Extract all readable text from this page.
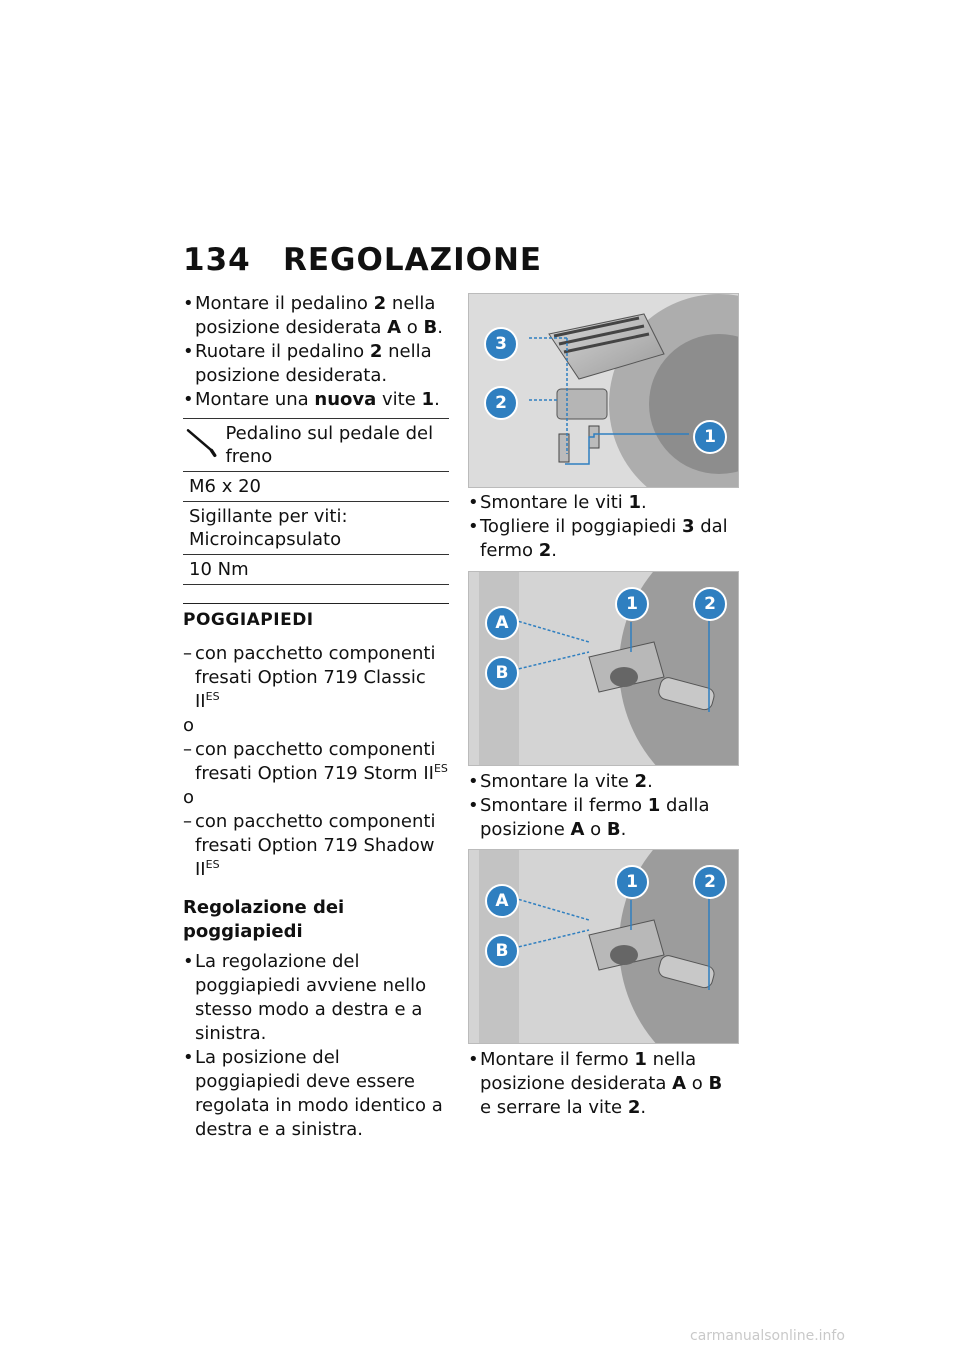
134 REGOLAZIONE
• Montare il pedalino 2 nella posizione desiderata A o B.
• Ruotare il pedalino 2 nella posizione desiderata.
• Montare una nuova vite 1.
Pedalino sul pedale del freno

M6 x 20
Sigillante per viti: Microincapsulato
10 Nm
POGGIAPIEDI
– con pacchetto componenti fresati Option 719 Classic $II^{ES}$
o
– con pacchetto componenti fresati Option 719 Storm $II^{ES}$
o
– con pacchetto componenti fresati Option 719 Shadow $II^{ES}$
Regolazione dei poggiapiedi
• La regolazione del poggiapiedi avviene nello stesso modo a destra e a sinistra.
• La posizione del poggiapiedi deve essere regolata in modo identico a destra e a sinistra.
3
2
1
• Smontare le viti 1.
• Togliere il poggiapiedi 3 dal fermo 2.
A
B
1	2
• Smontare la vite 2.
• Smontare il fermo 1 dalla posizione A o B.
A
B
1	2
• Montare il fermo 1 nella posizione desiderata A o B e serrare la vite 2.
carmanualsonline.info
